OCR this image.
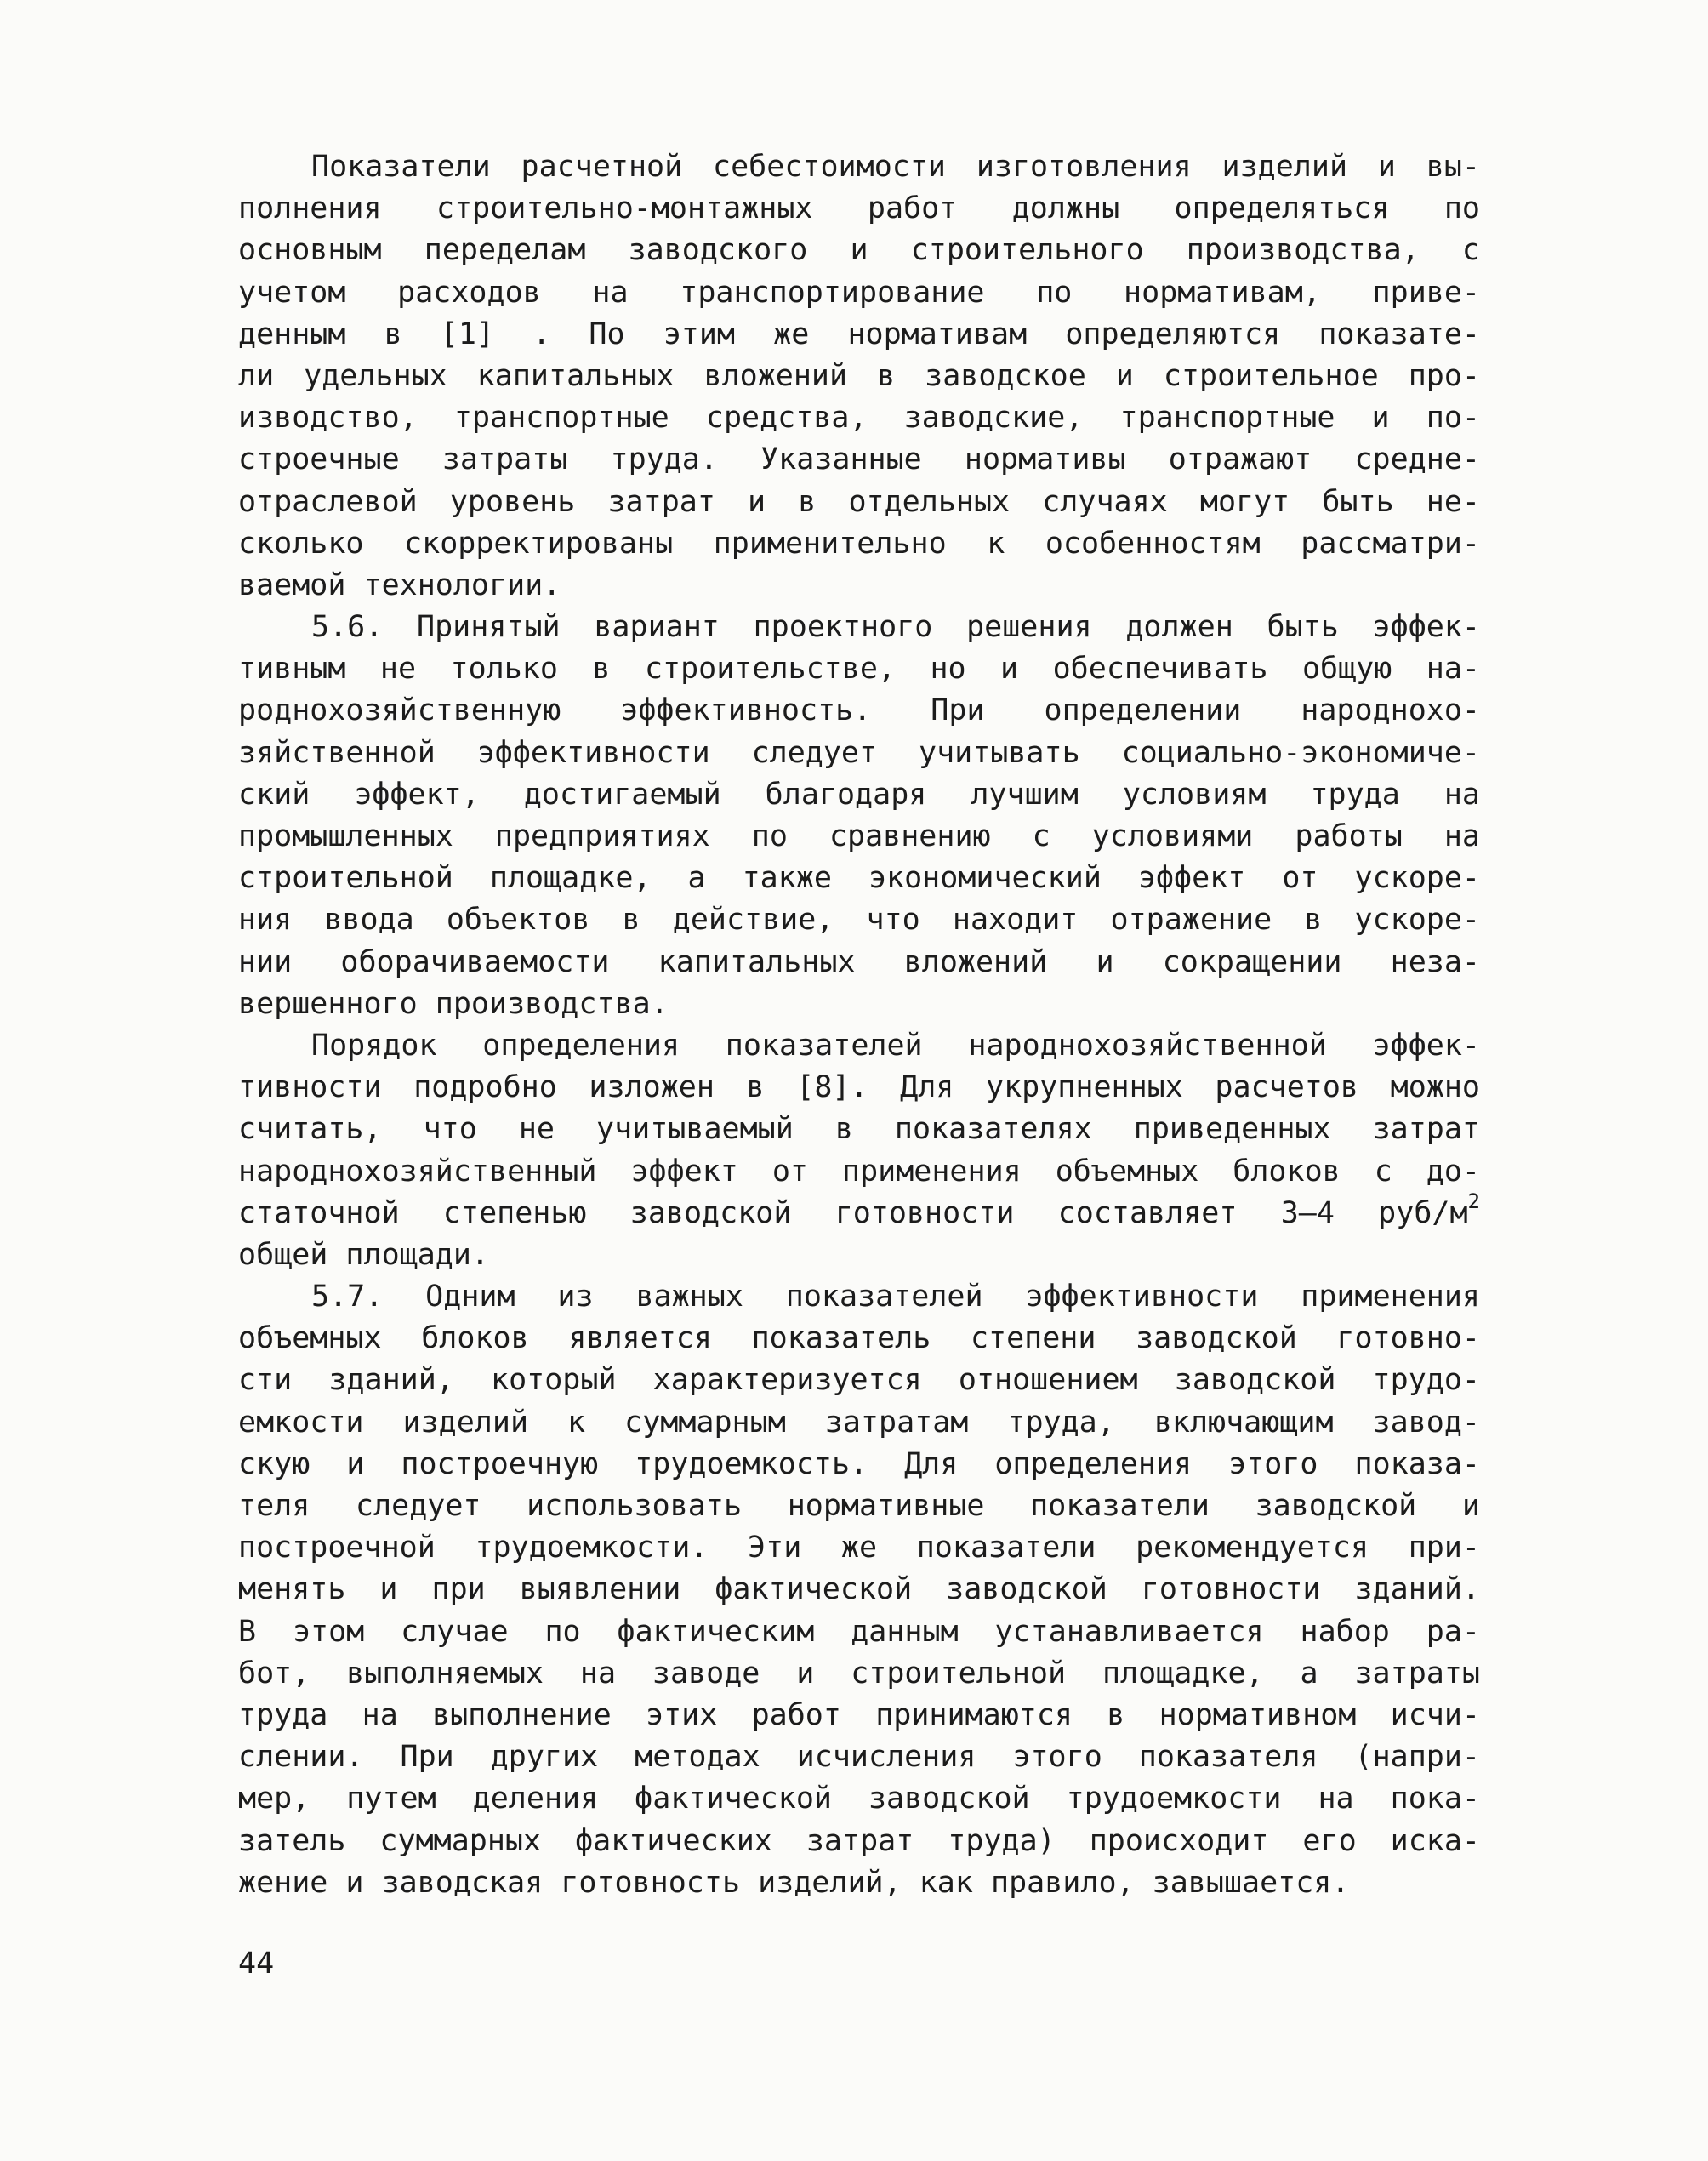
Показатели расчетной себестоимости изготовления изделий и вы-
полнения строительно-монтажных работ должны определяться по
основным переделам заводского и строительного производства, с
учетом расходов на транспортирование по нормативам, приве-
денным в [1] . По этим же нормативам определяются показате-
ли удельных капитальных вложений в заводское и строительное про-
изводство, транспортные средства, заводские, транспортные и по-
строечные затраты труда. Указанные нормативы отражают средне-
отраслевой уровень затрат и в отдельных случаях могут быть не-
сколько скорректированы применительно к особенностям рассматри-
ваемой технологии.
5.6. Принятый вариант проектного решения должен быть эффек-
тивным не только в строительстве, но и обеспечивать общую на-
роднохозяйственную эффективность. При определении народнохо-
зяйственной эффективности следует учитывать социально-экономиче-
ский эффект, достигаемый благодаря лучшим условиям труда на
промышленных предприятиях по сравнению с условиями работы на
строительной площадке, а также экономический эффект от ускоре-
ния ввода объектов в действие, что находит отражение в ускоре-
нии оборачиваемости капитальных вложений и сокращении неза-
вершенного производства.
Порядок определения показателей народнохозяйственной эффек-
тивности подробно изложен в [8]. Для укрупненных расчетов можно
считать, что не учитываемый в показателях приведенных затрат
народнохозяйственный эффект от применения объемных блоков с до-
статочной степенью заводской готовности составляет 3–4 руб/$м^2$
общей площади.
5.7. Одним из важных показателей эффективности применения
объемных блоков является показатель степени заводской готовно-
сти зданий, который характеризуется отношением заводской трудо-
емкости изделий к суммарным затратам труда, включающим завод-
скую и построечную трудоемкость. Для определения этого показа-
теля следует использовать нормативные показатели заводской и
построечной трудоемкости. Эти же показатели рекомендуется при-
менять и при выявлении фактической заводской готовности зданий.
В этом случае по фактическим данным устанавливается набор ра-
бот, выполняемых на заводе и строительной площадке, а затраты
труда на выполнение этих работ принимаются в нормативном исчи-
слении. При других методах исчисления этого показателя (напри-
мер, путем деления фактической заводской трудоемкости на пока-
затель суммарных фактических затрат труда) происходит его иска-
жение и заводская готовность изделий, как правило, завышается.
44
